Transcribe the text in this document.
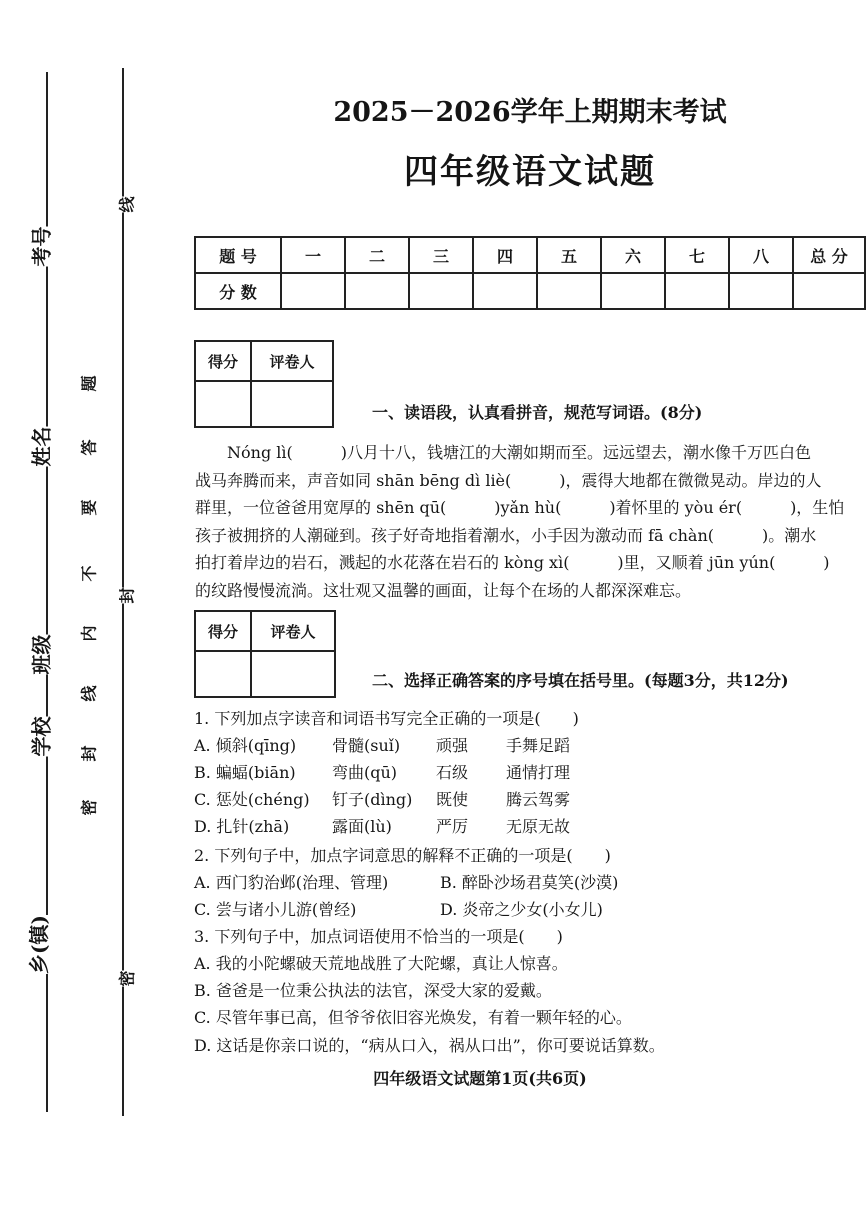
考号
姓名
班级
学校
乡(镇)
线
封
密
题
答
要
不
内
线
封
密
2025－2026学年上期期末考试
四年级语文试题
题 号	一	二	三	四	五	六	七	八	总 分
分 数									
得分	评卷人

一、读语段，认真看拼音，规范写词语。(8分)

Nóng lì(　　　)八月十八，钱塘江的大潮如期而至。远远望去，潮水像千万匹白色

战马奔腾而来，声音如同 shān bēng dì liè(　　　)，震得大地都在微微晃动。岸边的人

群里，一位爸爸用宽厚的 shēn qū(　　　)yǎn hù(　　　)着怀里的 yòu ér(　　　)，生怕

孩子被拥挤的人潮碰到。孩子好奇地指着潮水，小手因为激动而 fā chàn(　　　)。潮水

拍打着岸边的岩石，溅起的水花落在岩石的 kòng xì(　　　)里，又顺着 jūn yún(　　　)

的纹路慢慢流淌。这壮观又温馨的画面，让每个在场的人都深深难忘。

得分	评卷人

二、选择正确答案的序号填在括号里。(每题3分，共12分)
1. 下列加点字读音和词语书写完全正确的一项是(　　)
A. 倾斜(qīng) 骨髓(suǐ) 顽强 手舞足蹈
B. 蝙蝠(biān) 弯曲(qū) 石级 通情打理
C. 惩处(chéng) 钉子(dìng) 既使 腾云驾雾
D. 扎针(zhā)	露面(lù)	严厉 无原无故
2. 下列句子中，加点字词意思的解释不正确的一项是(　　)
A. 西门豹治邺(治理、管理)	B. 醉卧沙场君莫笑(沙漠)
C. 尝与诸小儿游(曾经)	D. 炎帝之少女(小女儿)
3. 下列句子中，加点词语使用不恰当的一项是(　　)
A. 我的小陀螺破天荒地战胜了大陀螺，真让人惊喜。
B. 爸爸是一位秉公执法的法官，深受大家的爱戴。
C. 尽管年事已高，但爷爷依旧容光焕发，有着一颗年轻的心。
D. 这话是你亲口说的，“病从口入，祸从口出”，你可要说话算数。
四年级语文试题第1页(共6页)
